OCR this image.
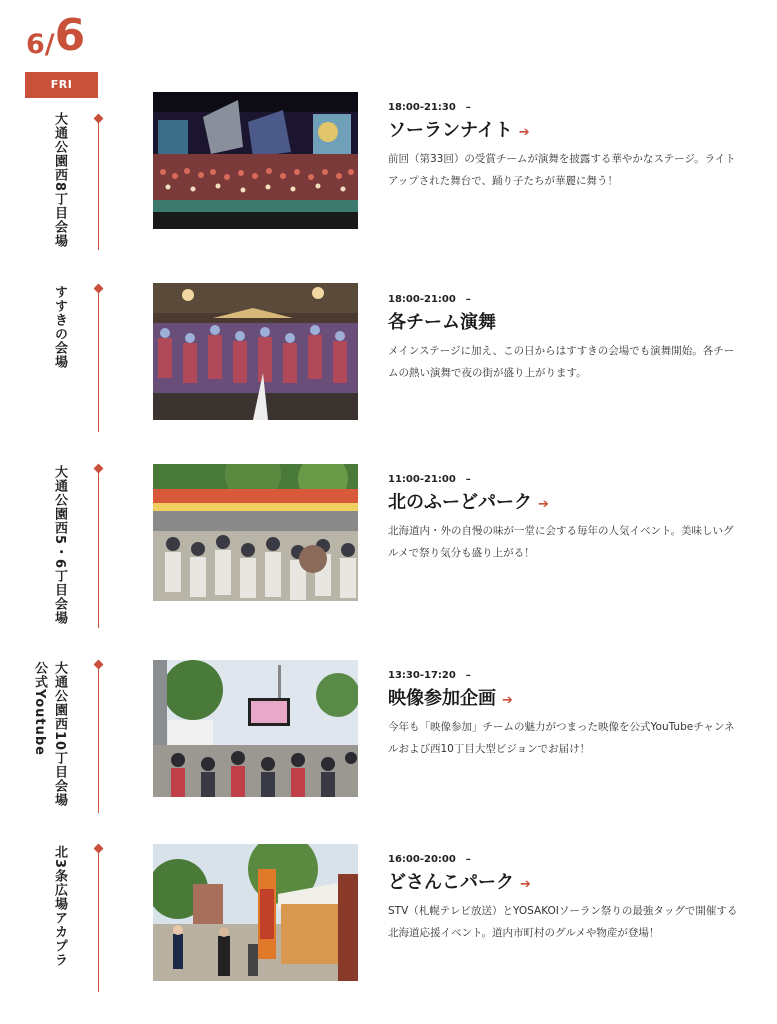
6/6
FRI
大通公園西8丁目会場
18:00-21:30　–
ソーランナイト ➔
前回（第33回）の受賞チームが演舞を披露する華やかなステージ。ライトアップされた舞台で、踊り子たちが華麗に舞う！
すすきの会場	18:00-21:00　–
各チーム演舞
メインステージに加え、この日からはすすきの会場でも演舞開始。各チームの熱い演舞で夜の街が盛り上がります。
大通公園西5・6丁目会場	11:00-21:00　–
北のふーどパーク ➔
北海道内・外の自慢の味が一堂に会する毎年の人気イベント。美味しいグルメで祭り気分も盛り上がる！
大通公園西10丁目会場
公式Youtube	13:30-17:20　–
映像参加企画 ➔
今年も「映像参加」チームの魅力がつまった映像を公式YouTubeチャンネルおよび西10丁目大型ビジョンでお届け！
北3条広場アカプラ	16:00-20:00　–
どさんこパーク ➔
STV（札幌テレビ放送）とYOSAKOIソーラン祭りの最強タッグで開催する北海道応援イベント。道内市町村のグルメや物産が登場！
